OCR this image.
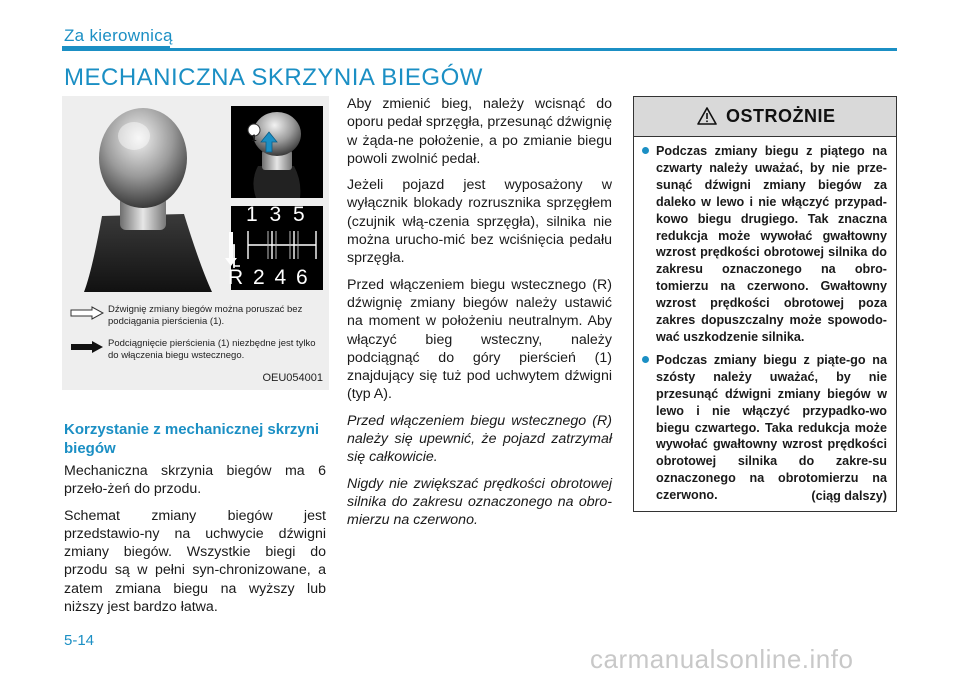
Za kierownicą
MECHANICZNA SKRZYNIA BIEGÓW
1
1 3 5
R 2 4 6
Dźwignię zmiany biegów można poruszać bez podciągania pierścienia (1).
Podciągnięcie pierścienia (1) niezbędne jest tylko do włączenia biegu wstecznego.
OEU054001
Korzystanie z mechanicznej skrzyni biegów

Mechaniczna skrzynia biegów ma 6 przeło-żeń do przodu.

Schemat zmiany biegów jest przedstawio-ny na uchwycie dźwigni zmiany biegów. Wszystkie biegi do przodu są w pełni syn-chronizowane, a zatem zmiana biegu na wyższy lub niższy jest bardzo łatwa.

Aby zmienić bieg, należy wcisnąć do oporu pedał sprzęgła, przesunąć dźwignię w żąda-ne położenie, a po zmianie biegu powoli zwolnić pedał.

Jeżeli pojazd jest wyposażony w wyłącznik blokady rozrusznika sprzęgłem (czujnik włą-czenia sprzęgła), silnika nie można urucho-mić bez wciśnięcia pedału sprzęgła.

Przed włączeniem biegu wstecznego (R) dźwignię zmiany biegów należy ustawić na moment w położeniu neutralnym. Aby włączyć bieg wsteczny, należy podciągnąć do góry pierścień (1) znajdujący się tuż pod uchwytem dźwigni (typ A).

Przed włączeniem biegu wstecznego (R) należy się upewnić, że pojazd zatrzymał się całkowicie.

Nigdy nie zwiększać prędkości obrotowej silnika do zakresu oznaczonego na obro-mierzu na czerwono.

OSTROŻNIE
Podczas zmiany biegu z piątego na czwarty należy uważać, by nie prze-sunąć dźwigni zmiany biegów za daleko w lewo i nie włączyć przypad-kowo biegu drugiego. Tak znaczna redukcja może wywołać gwałtowny wzrost prędkości obrotowej silnika do zakresu oznaczonego na obro-tomierzu na czerwono. Gwałtowny wzrost prędkości obrotowej poza zakres dopuszczalny może spowodo-wać uszkodzenie silnika.
Podczas zmiany biegu z piąte-go na szósty należy uważać, by nie przesunąć dźwigni zmiany biegów w lewo i nie włączyć przypadko-wo biegu czwartego. Taka redukcja może wywołać gwałtowny wzrost prędkości obrotowej silnika do zakre-su oznaczonego na obrotomierzu na czerwono.	(ciąg dalszy)
5-14
carmanualsonline.info
